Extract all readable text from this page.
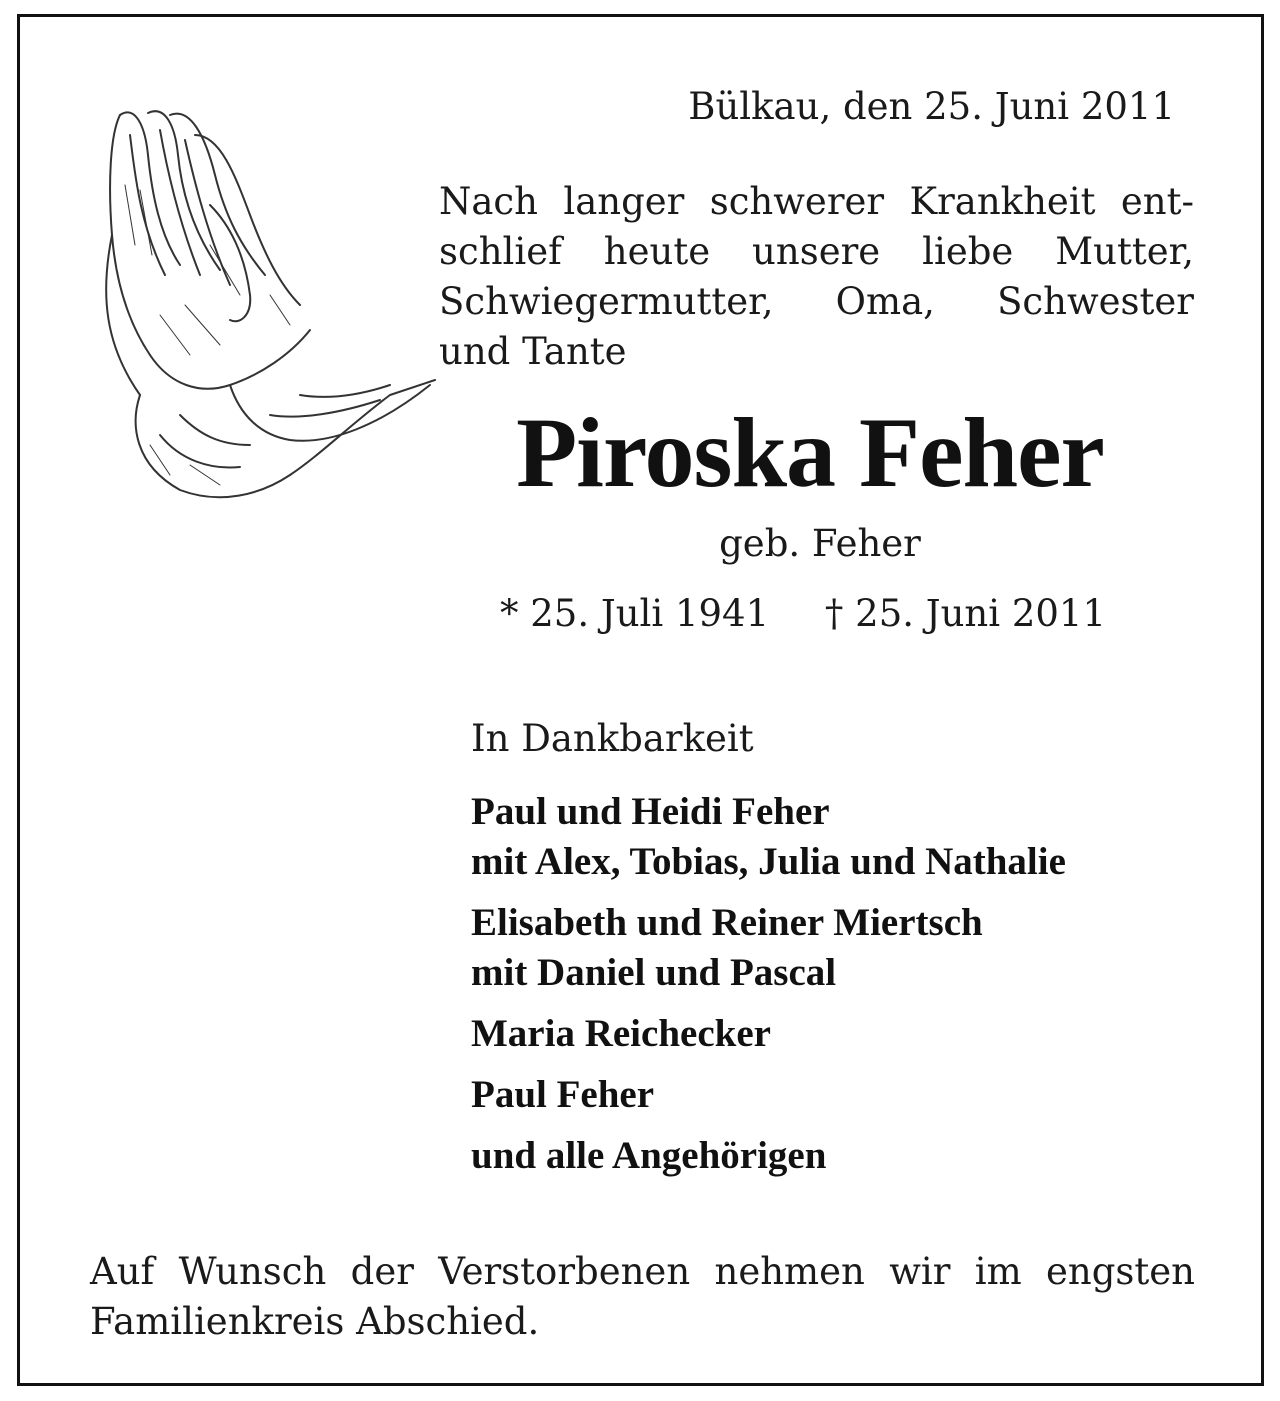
Bülkau, den 25. Juni 2011
Nach langer schwerer Krankheit ent-
schlief heute unsere liebe Mutter,
Schwiegermutter, Oma, Schwester
und Tante
Piroska Feher
geb. Feher
* 25. Juli 1941 † 25. Juni 2011
In Dankbarkeit
Paul und Heidi Feher
mit Alex, Tobias, Julia und Nathalie
Elisabeth und Reiner Miertsch
mit Daniel und Pascal
Maria Reichecker
Paul Feher
und alle Angehörigen
Auf Wunsch der Verstorbenen nehmen wir im engsten
Familienkreis Abschied.
